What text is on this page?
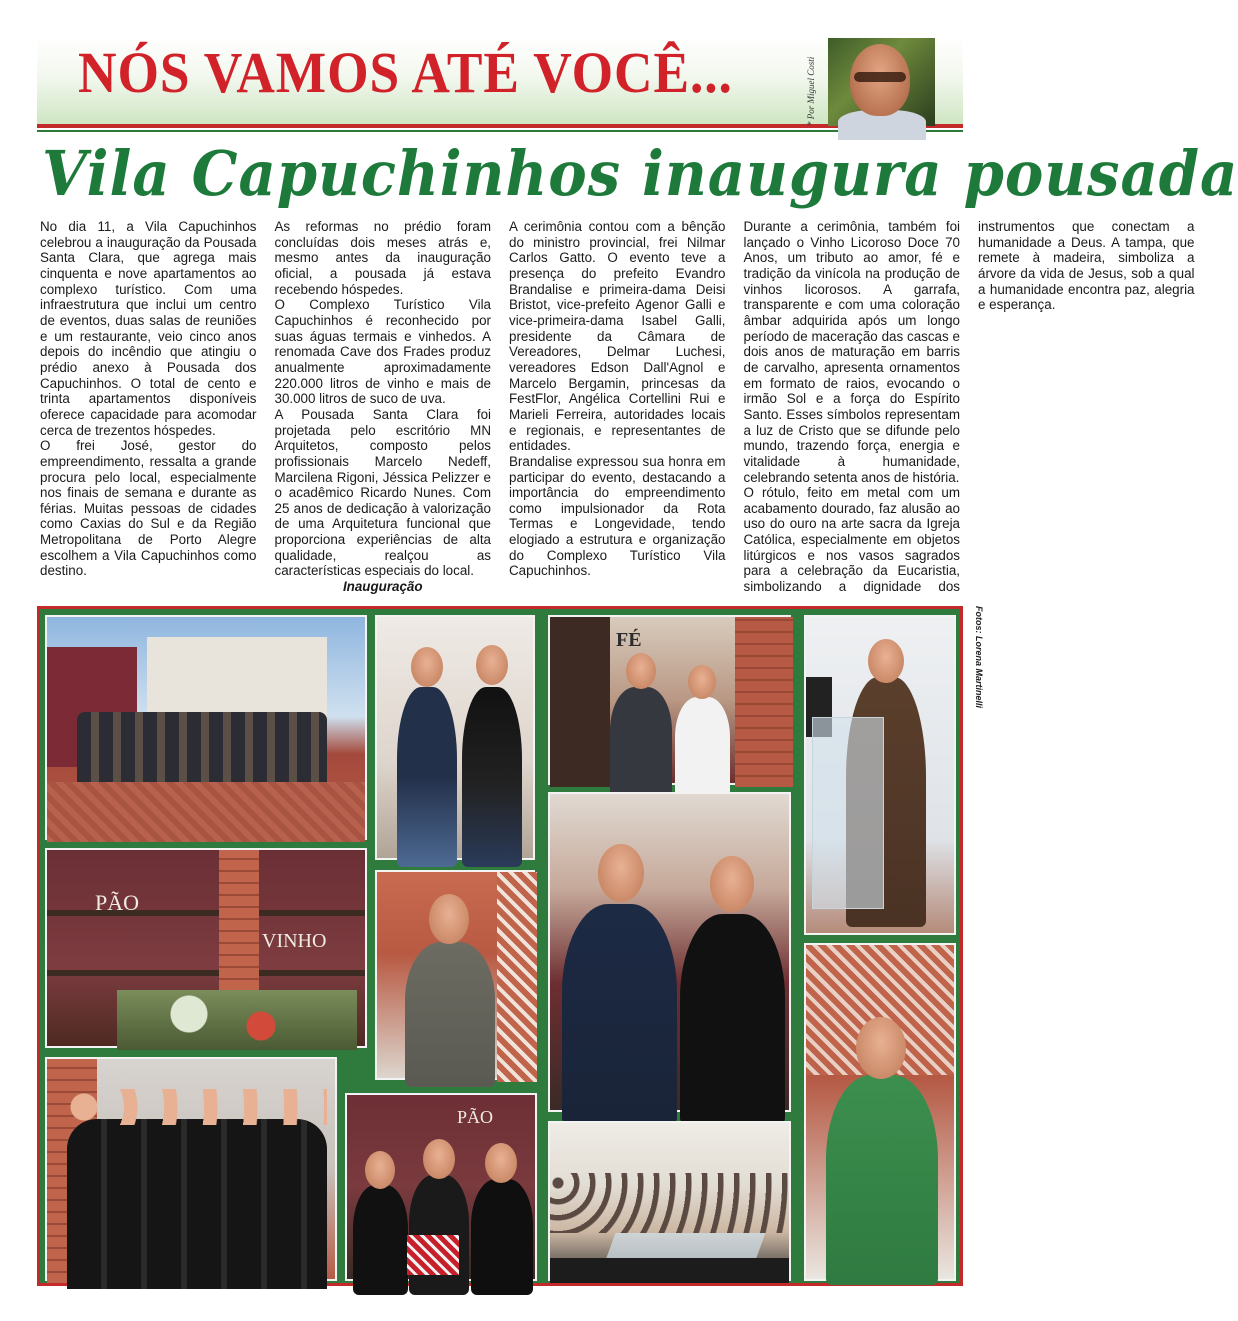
NÓS VAMOS ATÉ VOCÊ...	* Por Miguel Costi
Vila Capuchinhos inaugura pousada

No dia 11, a Vila Capuchinhos celebrou a inauguração da Pousada Santa Clara, que agrega mais cinquenta e nove apartamentos ao complexo turístico. Com uma infraestrutura que inclui um centro de eventos, duas salas de reuniões e um restaurante, veio cinco anos depois do incêndio que atingiu o prédio anexo à Pousada dos Capuchinhos. O total de cento e trinta apartamentos disponíveis oferece capacidade para acomodar cerca de trezentos hóspedes.

O frei José, gestor do empreendimento, ressalta a grande procura pelo local, especialmente nos finais de semana e durante as férias. Muitas pessoas de cidades como Caxias do Sul e da Região Metropolitana de Porto Alegre escolhem a Vila Capuchinhos como destino.

As reformas no prédio foram concluídas dois meses atrás e, mesmo antes da inauguração oficial, a pousada já estava recebendo hóspedes.

O Complexo Turístico Vila Capuchinhos é reconhecido por suas águas termais e vinhedos. A renomada Cave dos Frades produz anualmente aproximadamente 220.000 litros de vinho e mais de 30.000 litros de suco de uva.

A Pousada Santa Clara foi projetada pelo escritório MN Arquitetos, composto pelos profissionais Marcelo Nedeff, Marcilena Rigoni, Jéssica Pelizzer e o acadêmico Ricardo Nunes. Com 25 anos de dedicação à valorização de uma Arquitetura funcional que proporciona experiências de alta qualidade, realçou as características especiais do local.

Inauguração

A cerimônia contou com a bênção do ministro provincial, frei Nilmar Carlos Gatto. O evento teve a presença do prefeito Evandro Brandalise e primeira-dama Deisi Bristot, vice-prefeito Agenor Galli e vice-primeira-dama Isabel Galli, presidente da Câmara de Vereadores, Delmar Luchesi, vereadores Edson Dall'Agnol e Marcelo Bergamin, princesas da FestFlor, Angélica Cortellini Rui e Marieli Ferreira, autoridades locais e regionais, e representantes de entidades.

Brandalise expressou sua honra em participar do evento, destacando a importância do empreendimento como impulsionador da Rota Termas e Longevidade, tendo elogiado a estrutura e organização do Complexo Turístico Vila Capuchinhos.

Durante a cerimônia, também foi lançado o Vinho Licoroso Doce 70 Anos, um tributo ao amor, fé e tradição da vinícola na produção de vinhos licorosos. A garrafa, transparente e com uma coloração âmbar adquirida após um longo período de maceração das cascas e dois anos de maturação em barris de carvalho, apresenta ornamentos em formato de raios, evocando o irmão Sol e a força do Espírito Santo. Esses símbolos representam a luz de Cristo que se difunde pelo mundo, trazendo força, energia e vitalidade à humanidade, celebrando setenta anos de história.

O rótulo, feito em metal com um acabamento dourado, faz alusão ao uso do ouro na arte sacra da Igreja Católica, especialmente em objetos litúrgicos e nos vasos sagrados para a celebração da Eucaristia, simbolizando a dignidade dos instrumentos que conectam a humanidade a Deus. A tampa, que remete à madeira, simboliza a árvore da vida de Jesus, sob a qual a humanidade encontra paz, alegria e esperança.

Fotos: Lorena Martinelli
FÉ
PÃO
VINHO
PÃO
